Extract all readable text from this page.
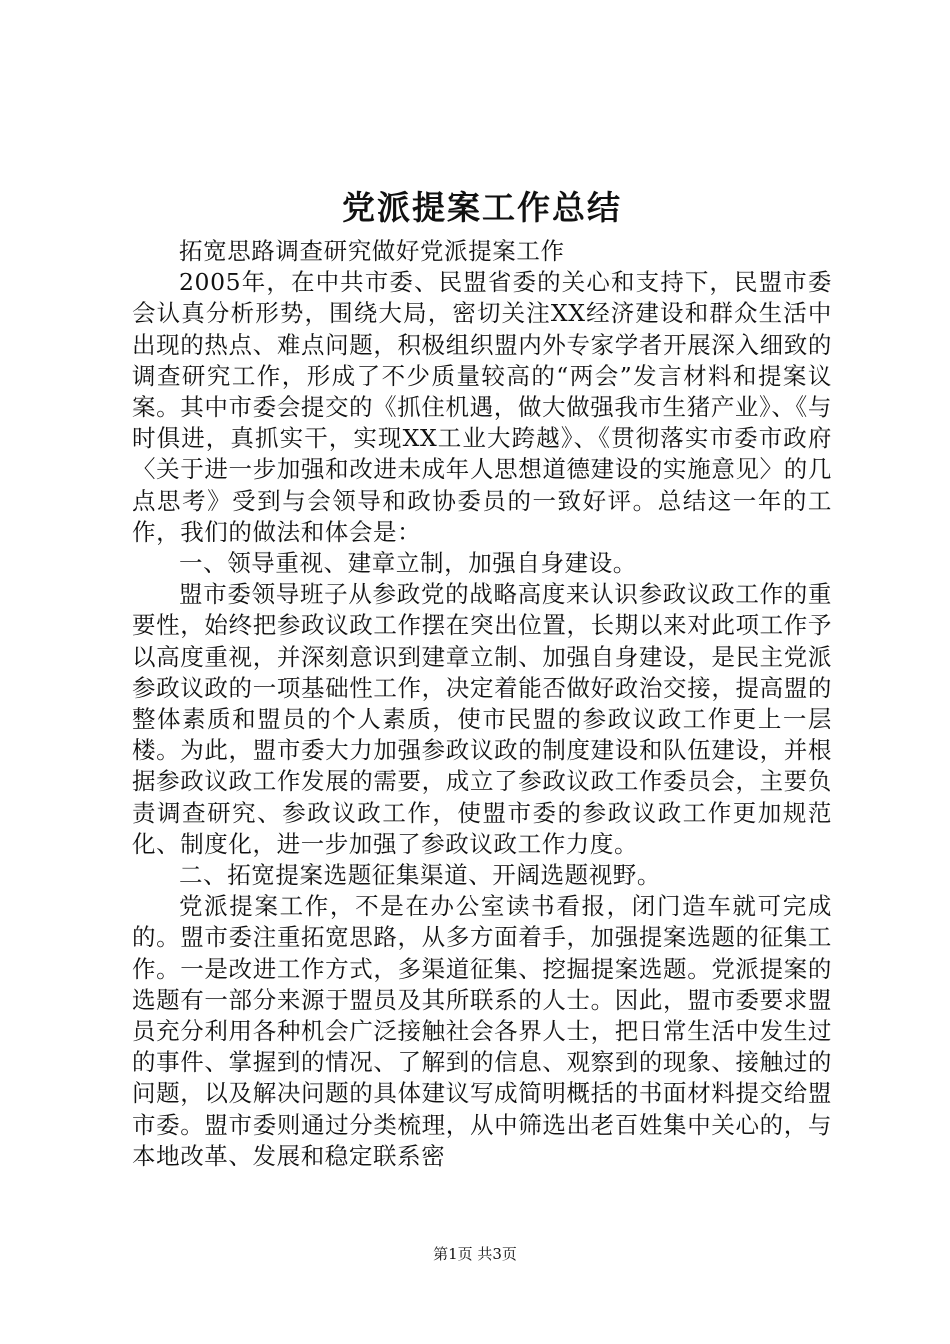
党派提案工作总结

拓宽思路调查研究做好党派提案工作

2005年，在中共市委、民盟省委的关心和支持下，民盟市委会认真分析形势，围绕大局，密切关注XX经济建设和群众生活中出现的热点、难点问题，积极组织盟内外专家学者开展深入细致的调查研究工作，形成了不少质量较高的“两会”发言材料和提案议案。其中市委会提交的《抓住机遇，做大做强我市生猪产业》、《与时俱进，真抓实干，实现XX工业大跨越》、《贯彻落实市委市政府〈关于进一步加强和改进未成年人思想道德建设的实施意见〉的几点思考》受到与会领导和政协委员的一致好评。总结这一年的工作，我们的做法和体会是：

一、领导重视、建章立制，加强自身建设。

盟市委领导班子从参政党的战略高度来认识参政议政工作的重要性，始终把参政议政工作摆在突出位置，长期以来对此项工作予以高度重视，并深刻意识到建章立制、加强自身建设，是民主党派参政议政的一项基础性工作，决定着能否做好政治交接，提高盟的整体素质和盟员的个人素质，使市民盟的参政议政工作更上一层楼。为此，盟市委大力加强参政议政的制度建设和队伍建设，并根据参政议政工作发展的需要，成立了参政议政工作委员会，主要负责调查研究、参政议政工作，使盟市委的参政议政工作更加规范化、制度化，进一步加强了参政议政工作力度。

二、拓宽提案选题征集渠道、开阔选题视野。

党派提案工作，不是在办公室读书看报，闭门造车就可完成的。盟市委注重拓宽思路，从多方面着手，加强提案选题的征集工作。一是改进工作方式，多渠道征集、挖掘提案选题。党派提案的选题有一部分来源于盟员及其所联系的人士。因此，盟市委要求盟员充分利用各种机会广泛接触社会各界人士，把日常生活中发生过的事件、掌握到的情况、了解到的信息、观察到的现象、接触过的问题，以及解决问题的具体建议写成简明概括的书面材料提交给盟市委。盟市委则通过分类梳理，从中筛选出老百姓集中关心的，与本地改革、发展和稳定联系密

第1页 共3页
